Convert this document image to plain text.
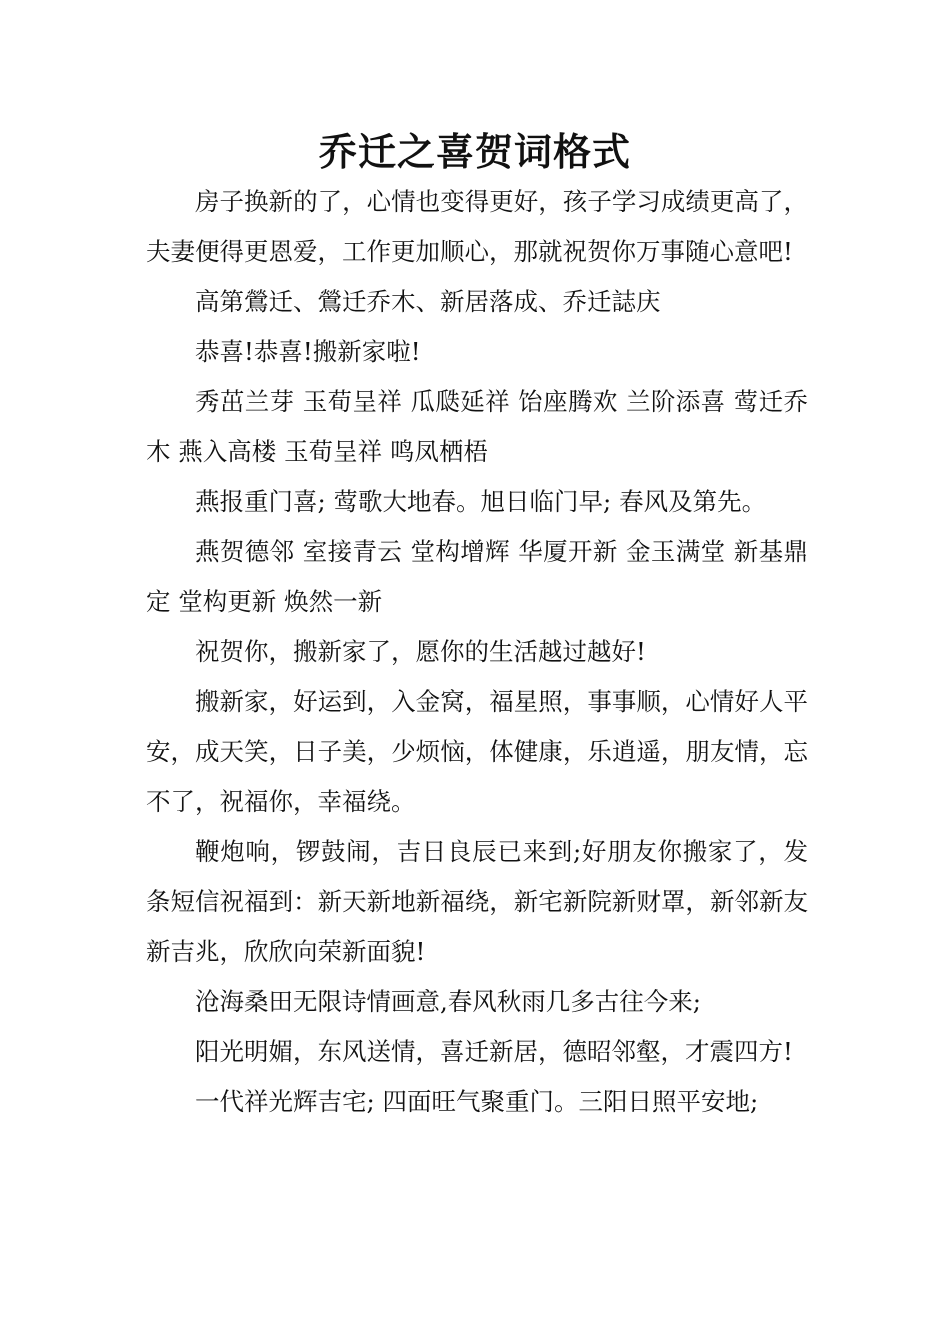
乔迁之喜贺词格式

房子换新的了，心情也变得更好，孩子学习成绩更高了，夫妻便得更恩爱，工作更加顺心，那就祝贺你万事随心意吧!

高第鶯迁、鶯迁乔木、新居落成、乔迁誌庆

恭喜!恭喜!搬新家啦!

秀茁兰芽 玉荀呈祥 瓜瓞延祥 饴座腾欢 兰阶添喜 莺迁乔木 燕入高楼 玉荀呈祥 鸣凤栖梧

燕报重门喜; 莺歌大地春。旭日临门早; 春风及第先。

燕贺德邻 室接青云 堂构增辉 华厦开新 金玉满堂 新基鼎定 堂构更新 焕然一新

祝贺你，搬新家了，愿你的生活越过越好!

搬新家，好运到，入金窝，福星照，事事顺，心情好人平安，成天笑，日子美，少烦恼，体健康，乐逍遥，朋友情，忘不了，祝福你，幸福绕。

鞭炮响，锣鼓闹，吉日良辰已来到;好朋友你搬家了，发条短信祝福到：新天新地新福绕，新宅新院新财罩，新邻新友新吉兆，欣欣向荣新面貌!

沧海桑田无限诗情画意,春风秋雨几多古往今来;

阳光明媚，东风送情，喜迁新居，德昭邻壑，才震四方!

一代祥光辉吉宅; 四面旺气聚重门。三阳日照平安地;
